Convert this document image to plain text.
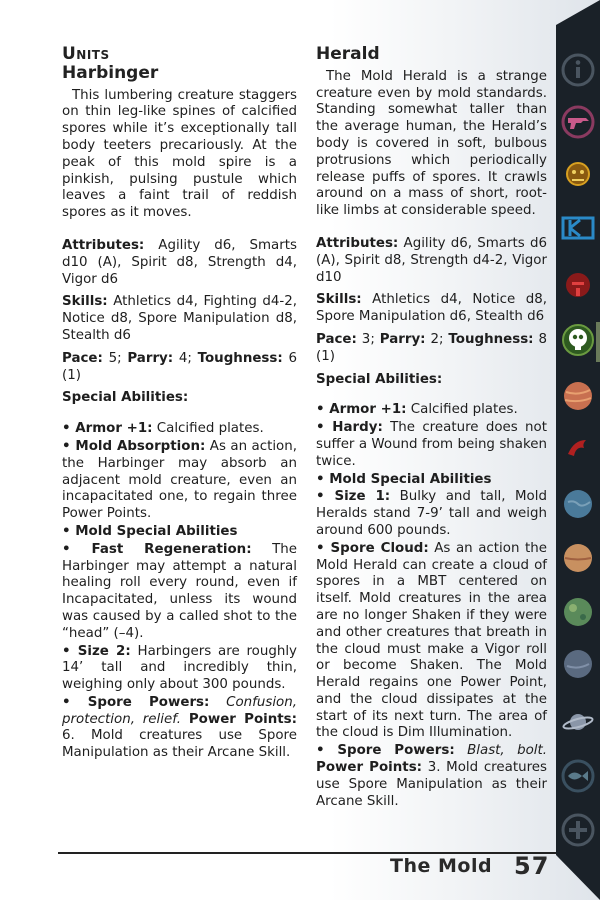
Units
Harbinger

This lumbering creature staggers on thin leg-like spines of calcified spores while it’s exceptionally tall body teeters precariously. At the peak of this mold spire is a pinkish, pulsing pustule which leaves a faint trail of reddish spores as it moves.

Attributes: Agility d6, Smarts d10 (A), Spirit d8, Strength d4, Vigor d6

Skills: Athletics d4, Fighting d4-2, Notice d8, Spore Manipulation d8, Stealth d6

Pace: 5; Parry: 4; Toughness: 6 (1)

Special Abilities:

• Armor +1: Calcified plates.

• Mold Absorption: As an action, the Harbinger may absorb an adjacent mold creature, even an incapacitated one, to regain three Power Points.

• Mold Special Abilities

• Fast Regeneration: The Harbinger may attempt a natural healing roll every round, even if Incapacitated, unless its wound was caused by a called shot to the “head” (–4).

• Size 2: Harbingers are roughly 14’ tall and incredibly thin, weighing only about 300 pounds.

• Spore Powers: Confusion, protection, relief. Power Points: 6. Mold creatures use Spore Manipulation as their Arcane Skill.

Herald

The Mold Herald is a strange creature even by mold standards. Standing somewhat taller than the average human, the Herald’s body is covered in soft, bulbous protrusions which periodically release puffs of spores. It crawls around on a mass of short, root-like limbs at considerable speed.

Attributes: Agility d6, Smarts d6 (A), Spirit d8, Strength d4-2, Vigor d10

Skills: Athletics d4, Notice d8, Spore Manipulation d6, Stealth d6

Pace: 3; Parry: 2; Toughness: 8 (1)

Special Abilities:

• Armor +1: Calcified plates.

• Hardy: The creature does not suffer a Wound from being shaken twice.

• Mold Special Abilities

• Size 1: Bulky and tall, Mold Heralds stand 7-9’ tall and weigh around 600 pounds.

• Spore Cloud: As an action the Mold Herald can create a cloud of spores in a MBT centered on itself. Mold creatures in the area are no longer Shaken if they were and other creatures that breath in the cloud must make a Vigor roll or become Shaken. The Mold Herald regains one Power Point, and the cloud dissipates at the start of its next turn. The area of the cloud is Dim Illumination.

• Spore Powers: Blast, bolt. Power Points: 3. Mold creatures use Spore Manipulation as their Arcane Skill.

The Mold 57
